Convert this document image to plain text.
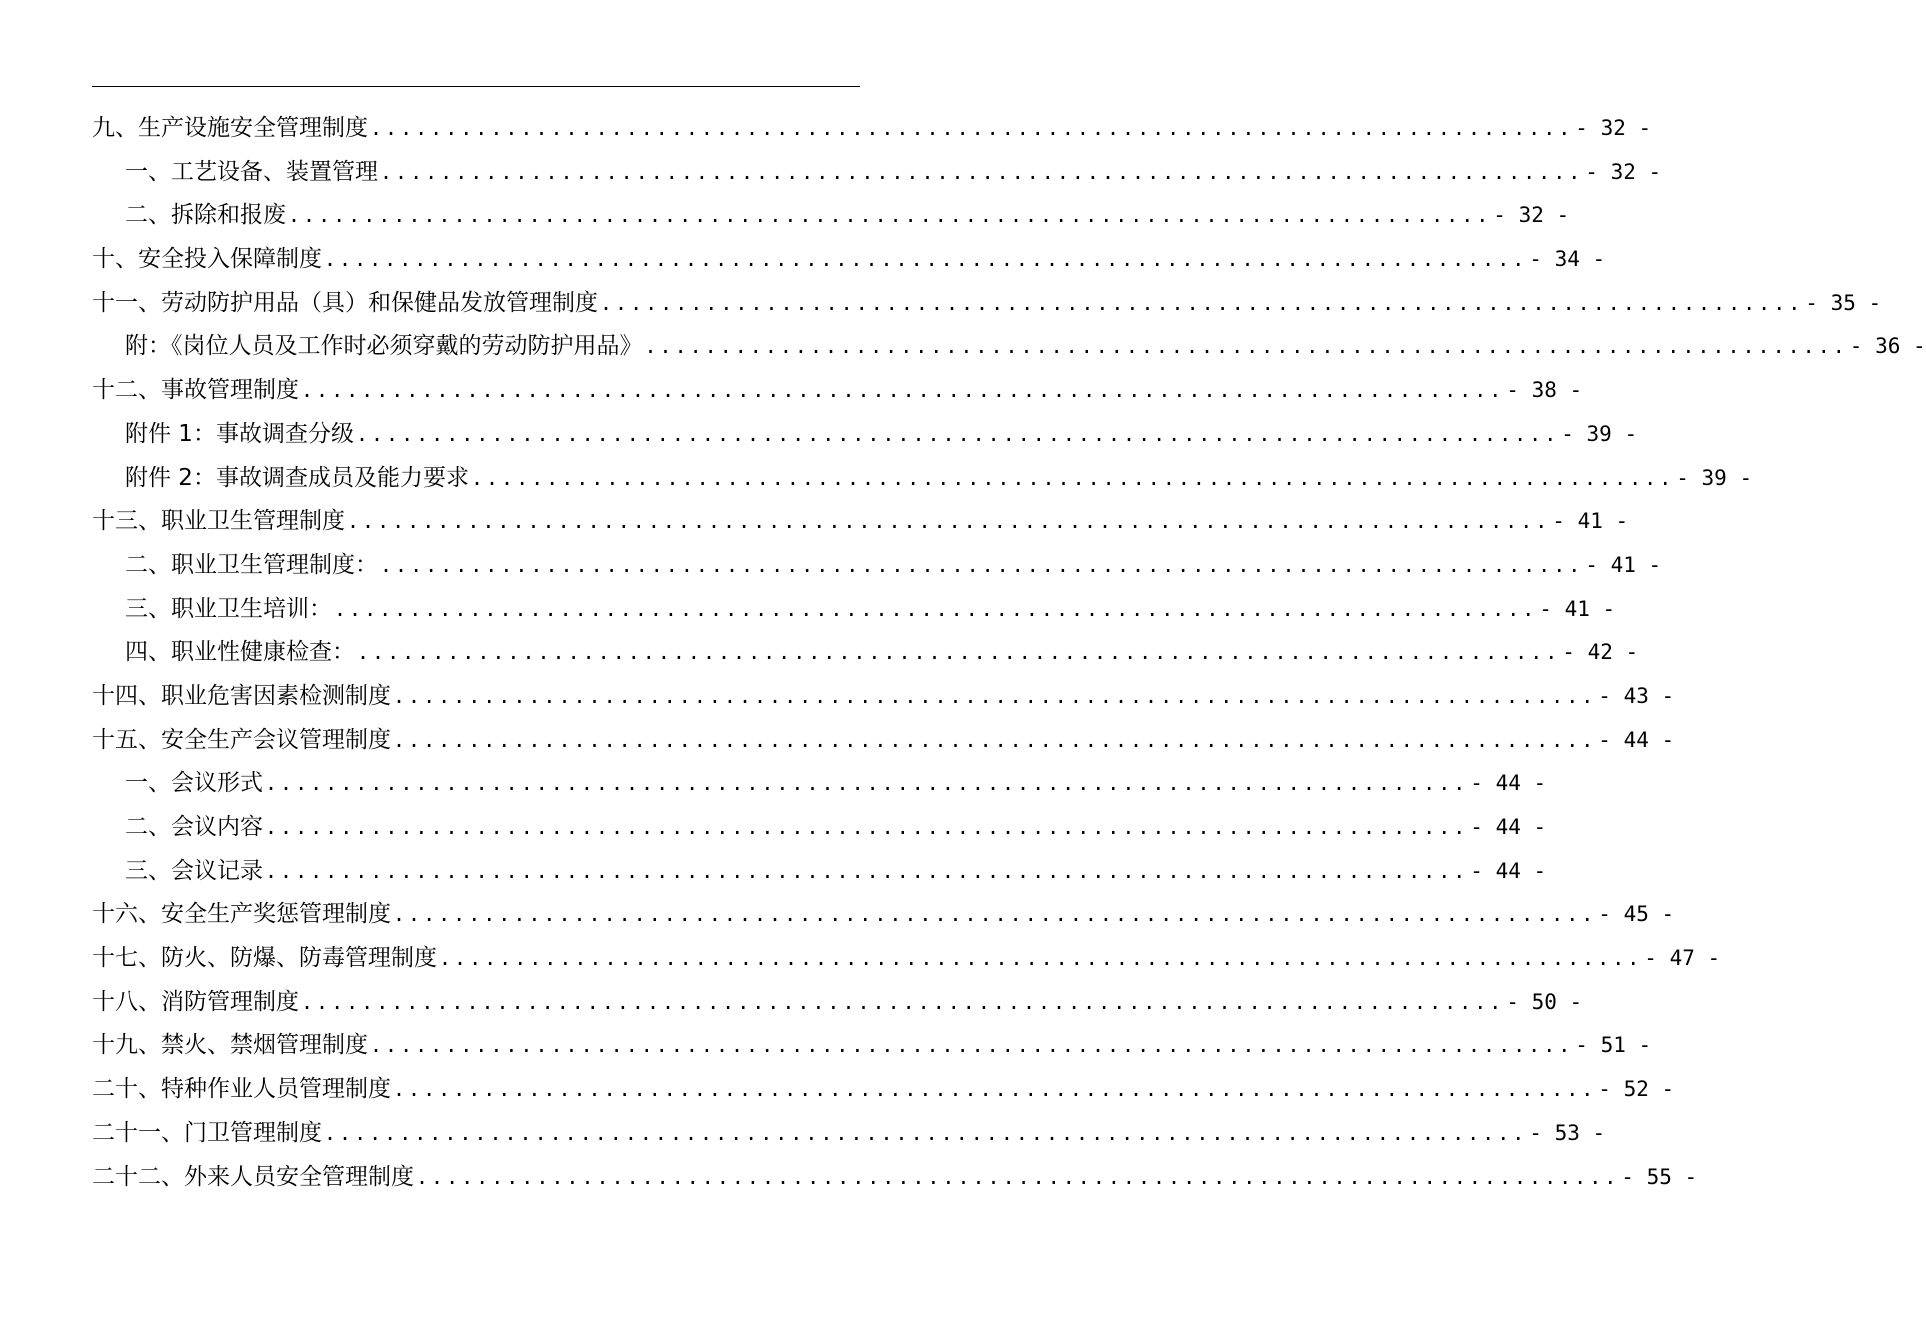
九、生产设施安全管理制度 ................................................................................ - 32 -
一、工艺设备、装置管理 ................................................................................ - 32 -
二、拆除和报废 ................................................................................ - 32 -
十、安全投入保障制度 ................................................................................ - 34 -
十一、劳动防护用品（具）和保健品发放管理制度 ................................................................................ - 35 -
附：《岗位人员及工作时必须穿戴的劳动防护用品》 ................................................................................ - 36 -
十二、事故管理制度 ................................................................................ - 38 -
附件 1：事故调查分级 ................................................................................ - 39 -
附件 2：事故调查成员及能力要求 ................................................................................ - 39 -
十三、职业卫生管理制度 ................................................................................ - 41 -
二、职业卫生管理制度： ................................................................................ - 41 -
三、职业卫生培训： ................................................................................ - 41 -
四、职业性健康检查： ................................................................................ - 42 -
十四、职业危害因素检测制度 ................................................................................ - 43 -
十五、安全生产会议管理制度 ................................................................................ - 44 -
一、会议形式 ................................................................................ - 44 -
二、会议内容 ................................................................................ - 44 -
三、会议记录 ................................................................................ - 44 -
十六、安全生产奖惩管理制度 ................................................................................ - 45 -
十七、防火、防爆、防毒管理制度 ................................................................................ - 47 -
十八、消防管理制度 ................................................................................ - 50 -
十九、禁火、禁烟管理制度 ................................................................................ - 51 -
二十、特种作业人员管理制度 ................................................................................ - 52 -
二十一、门卫管理制度 ................................................................................ - 53 -
二十二、外来人员安全管理制度 ................................................................................ - 55 -
